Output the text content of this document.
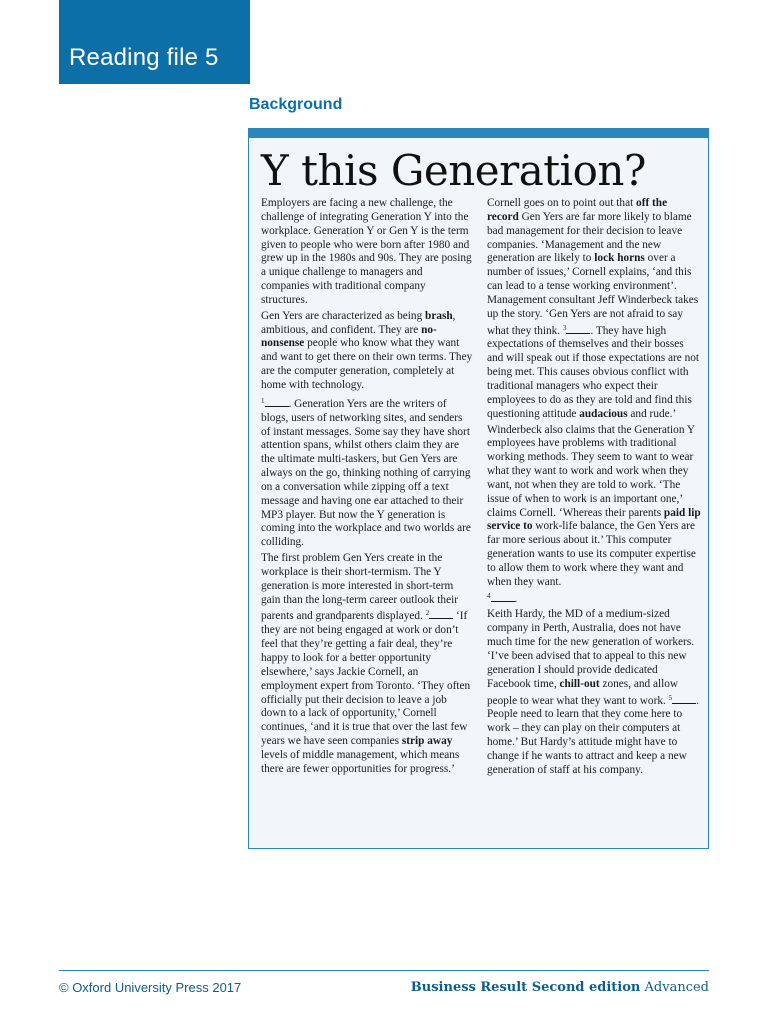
Reading file 5
Background
Y this Generation?

Employers are facing a new challenge, the challenge of integrating Generation Y into the workplace. Generation Y or Gen Y is the term given to people who were born after 1980 and grew up in the 1980s and 90s. They are posing a unique challenge to managers and companies with traditional company structures.

Gen Yers are characterized as being brash, ambitious, and confident. They are no-nonsense people who know what they want and want to get there on their own terms. They are the computer generation, completely at home with technology.

$^1$ . Generation Yers are the writers of blogs, users of networking sites, and senders of instant messages. Some say they have short attention spans, whilst others claim they are the ultimate multi-taskers, but Gen Yers are always on the go, thinking nothing of carrying on a conversation while zipping off a text message and having one ear attached to their MP3 player. But now the Y generation is coming into the workplace and two worlds are colliding.

The first problem Gen Yers create in the workplace is their short-termism. The Y generation is more interested in short-term gain than the long-term career outlook their parents and grandparents displayed. $^2$ ‘If they are not being engaged at work or don’t feel that they’re getting a fair deal, they’re happy to look for a better opportunity elsewhere,’ says Jackie Cornell, an employment expert from Toronto. ‘They often officially put their decision to leave a job down to a lack of opportunity,’ Cornell continues, ‘and it is true that over the last few years we have seen companies strip away levels of middle management, which means there are fewer opportunities for progress.’

Cornell goes on to point out that off the record Gen Yers are far more likely to blame bad management for their decision to leave companies. ‘Management and the new generation are likely to lock horns over a number of issues,’ Cornell explains, ‘and this can lead to a tense working environment’. Management consultant Jeff Winderbeck takes up the story. ‘Gen Yers are not afraid to say what they think. $^3$ . They have high expectations of themselves and their bosses and will speak out if those expectations are not being met. This causes obvious conflict with traditional managers who expect their employees to do as they are told and find this questioning attitude audacious and rude.’

Winderbeck also claims that the Generation Y employees have problems with traditional working methods. They seem to want to wear what they want to work and work when they want, not when they are told to work. ‘The issue of when to work is an important one,’ claims Cornell. ‘Whereas their parents paid lip service to work-life balance, the Gen Yers are far more serious about it.’ This computer generation wants to use its computer expertise to allow them to work where they want and when they want.
$^4$ .

Keith Hardy, the MD of a medium-sized company in Perth, Australia, does not have much time for the new generation of workers. ‘I’ve been advised that to appeal to this new generation I should provide dedicated Facebook time, chill-out zones, and allow people to wear what they want to work. $^5$ . People need to learn that they come here to work – they can play on their computers at home.’ But Hardy’s attitude might have to change if he wants to attract and keep a new generation of staff at his company.

© Oxford University Press 2017	Business Result Second edition Advanced
